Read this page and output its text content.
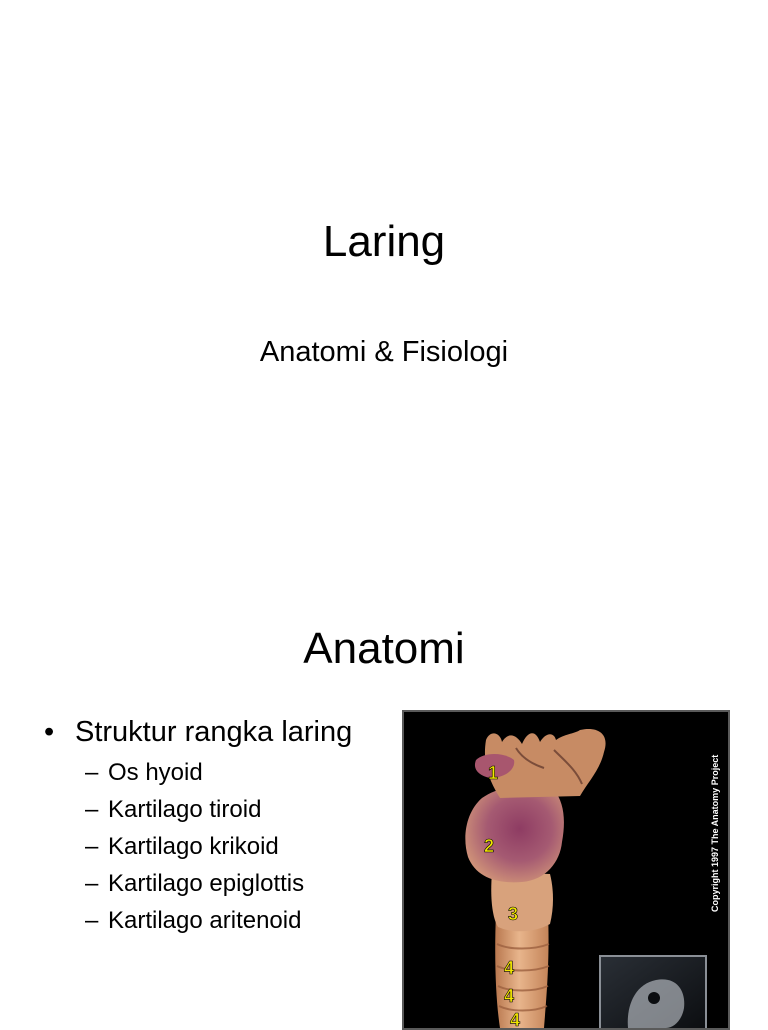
Laring
Anatomi & Fisiologi
Anatomi
• Struktur rangka laring
– Os hyoid
– Kartilago tiroid
– Kartilago krikoid
– Kartilago epiglottis
– Kartilago aritenoid
1
2
3
4
4
4
Copyright 1997 The Anatomy Project
